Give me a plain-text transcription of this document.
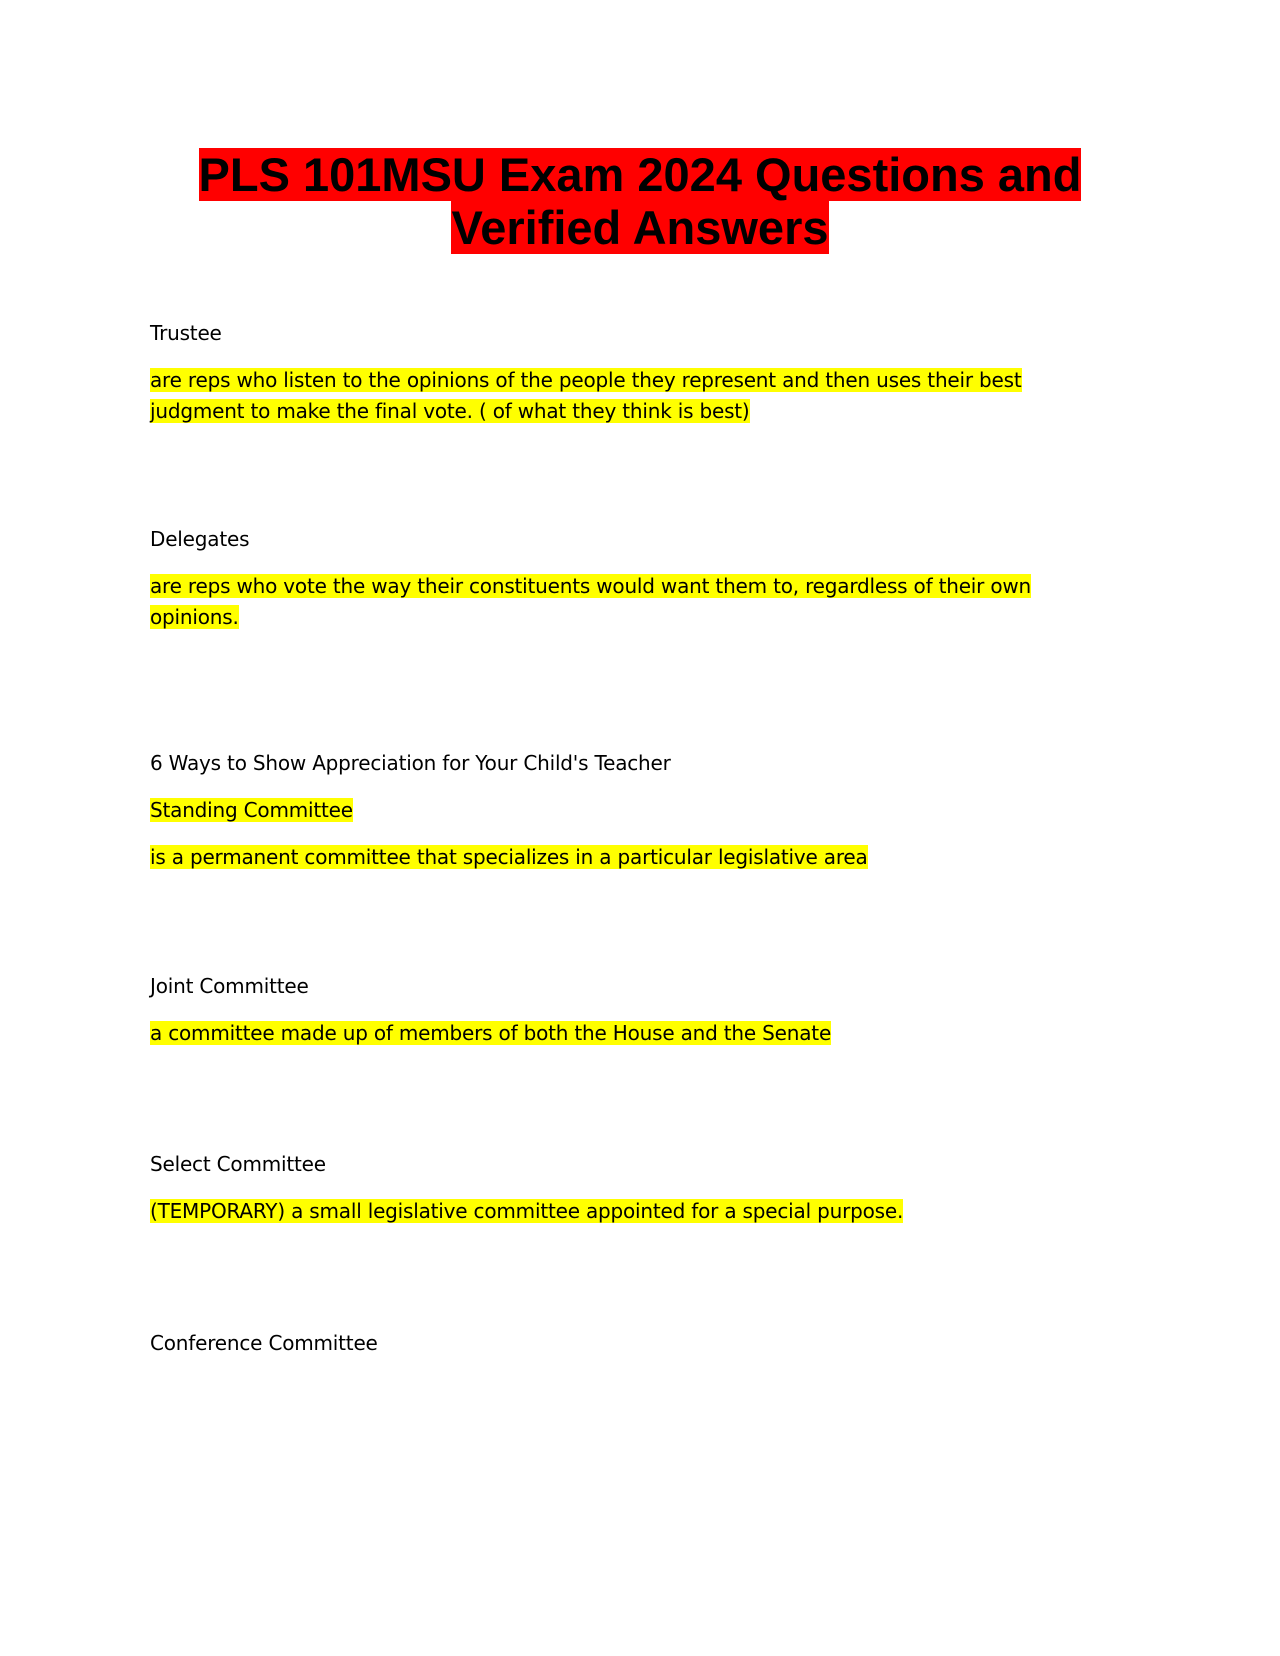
PLS 101MSU Exam 2024 Questions and Verified Answers

Trustee

are reps who listen to the opinions of the people they represent and then uses their best judgment to make the final vote. ( of what they think is best)

Delegates

are reps who vote the way their constituents would want them to, regardless of their own opinions.

6 Ways to Show Appreciation for Your Child's Teacher

Standing Committee

is a permanent committee that specializes in a particular legislative area

Joint Committee

a committee made up of members of both the House and the Senate

Select Committee

(TEMPORARY) a small legislative committee appointed for a special purpose.

Conference Committee
